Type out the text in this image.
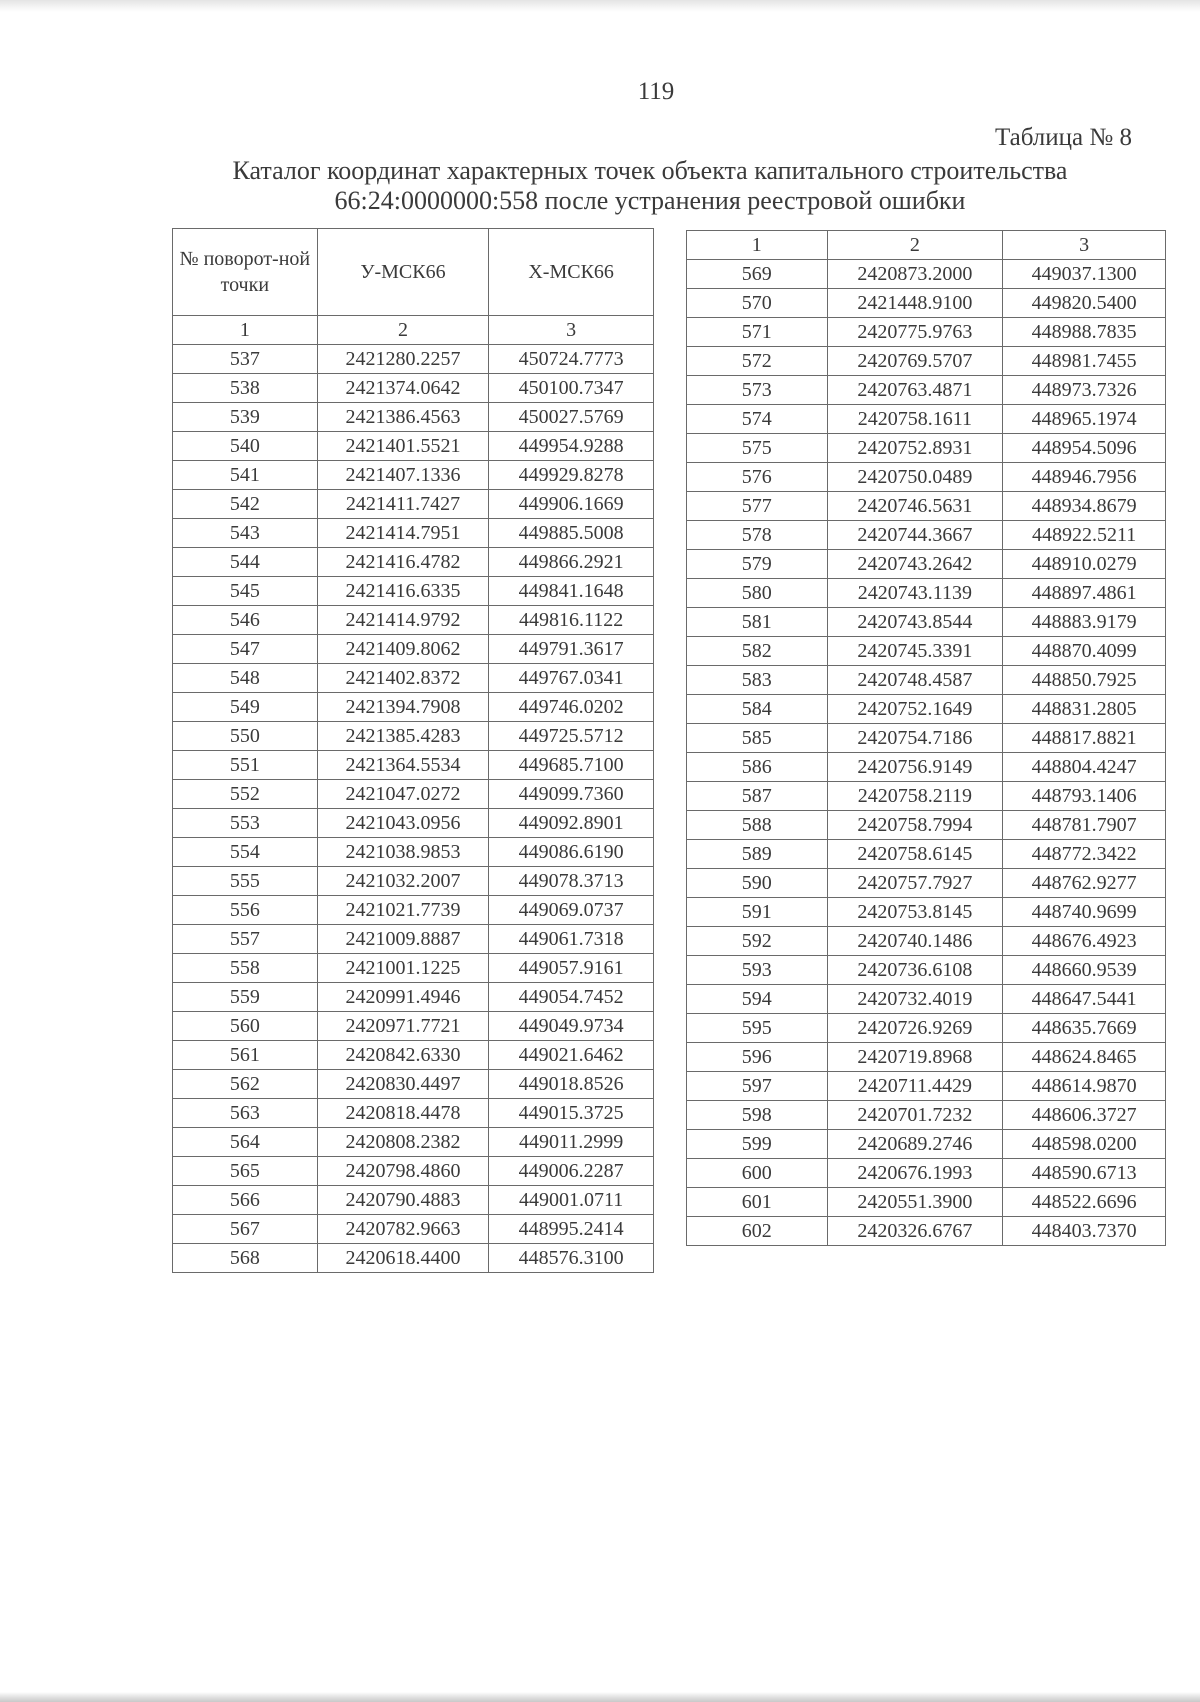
119
Таблица № 8
Каталог координат характерных точек объекта капитального строительства
66:24:0000000:558 после устранения реестровой ошибки
№ поворот-ной точки	У-МСК66	Х-МСК66
1	2	3
537	2421280.2257	450724.7773
538	2421374.0642	450100.7347
539	2421386.4563	450027.5769
540	2421401.5521	449954.9288
541	2421407.1336	449929.8278
542	2421411.7427	449906.1669
543	2421414.7951	449885.5008
544	2421416.4782	449866.2921
545	2421416.6335	449841.1648
546	2421414.9792	449816.1122
547	2421409.8062	449791.3617
548	2421402.8372	449767.0341
549	2421394.7908	449746.0202
550	2421385.4283	449725.5712
551	2421364.5534	449685.7100
552	2421047.0272	449099.7360
553	2421043.0956	449092.8901
554	2421038.9853	449086.6190
555	2421032.2007	449078.3713
556	2421021.7739	449069.0737
557	2421009.8887	449061.7318
558	2421001.1225	449057.9161
559	2420991.4946	449054.7452
560	2420971.7721	449049.9734
561	2420842.6330	449021.6462
562	2420830.4497	449018.8526
563	2420818.4478	449015.3725
564	2420808.2382	449011.2999
565	2420798.4860	449006.2287
566	2420790.4883	449001.0711
567	2420782.9663	448995.2414
568	2420618.4400	448576.3100
1	2	3
569	2420873.2000	449037.1300
570	2421448.9100	449820.5400
571	2420775.9763	448988.7835
572	2420769.5707	448981.7455
573	2420763.4871	448973.7326
574	2420758.1611	448965.1974
575	2420752.8931	448954.5096
576	2420750.0489	448946.7956
577	2420746.5631	448934.8679
578	2420744.3667	448922.5211
579	2420743.2642	448910.0279
580	2420743.1139	448897.4861
581	2420743.8544	448883.9179
582	2420745.3391	448870.4099
583	2420748.4587	448850.7925
584	2420752.1649	448831.2805
585	2420754.7186	448817.8821
586	2420756.9149	448804.4247
587	2420758.2119	448793.1406
588	2420758.7994	448781.7907
589	2420758.6145	448772.3422
590	2420757.7927	448762.9277
591	2420753.8145	448740.9699
592	2420740.1486	448676.4923
593	2420736.6108	448660.9539
594	2420732.4019	448647.5441
595	2420726.9269	448635.7669
596	2420719.8968	448624.8465
597	2420711.4429	448614.9870
598	2420701.7232	448606.3727
599	2420689.2746	448598.0200
600	2420676.1993	448590.6713
601	2420551.3900	448522.6696
602	2420326.6767	448403.7370
